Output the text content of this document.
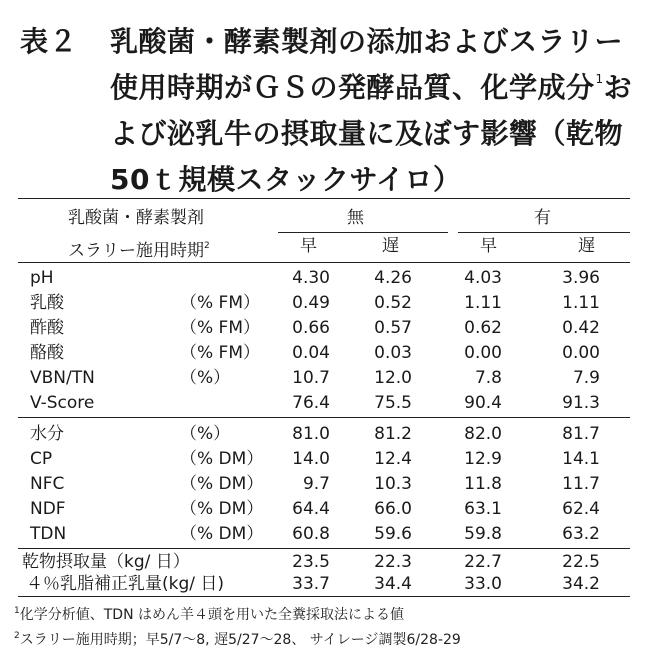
表２ 乳酸菌・酵素製剤の添加およびスラリー
使用時期がＧＳの発酵品質、化学成分$^1$お
よび泌乳牛の摂取量に及ぼす影響（乾物
50ｔ規模スタックサイロ）
乳酸菌・酵素製剤	無	有
スラリー施用時期$^2$	早	遅	早	遅
pH	4.30	4.26	4.03	3.96
乳酸	（% FM）	0.49	0.52	1.11	1.11
酢酸	（% FM）	0.66	0.57	0.62	0.42
酪酸	（% FM）	0.04	0.03	0.00	0.00
VBN/TN	（%）	10.7	12.0	7.8	7.9
V-Score	76.4	75.5	90.4	91.3
水分	（%）	81.0	81.2	82.0	81.7
CP	（% DM）	14.0	12.4	12.9	14.1
NFC	（% DM）	9.7	10.3	11.8	11.7
NDF	（% DM）	64.4	66.0	63.1	62.4
TDN	（% DM）	60.8	59.6	59.8	63.2
乾物摂取量（kg/ 日）	23.5	22.3	22.7	22.5
４％乳脂補正乳量(kg/ 日)	33.7	34.4	33.0	34.2
$^1$化学分析値、TDN はめん羊４頭を用いた全糞採取法による値
$^2$スラリー施用時期；早5/7～8, 遅5/27～28、 サイレージ調製6/28-29
